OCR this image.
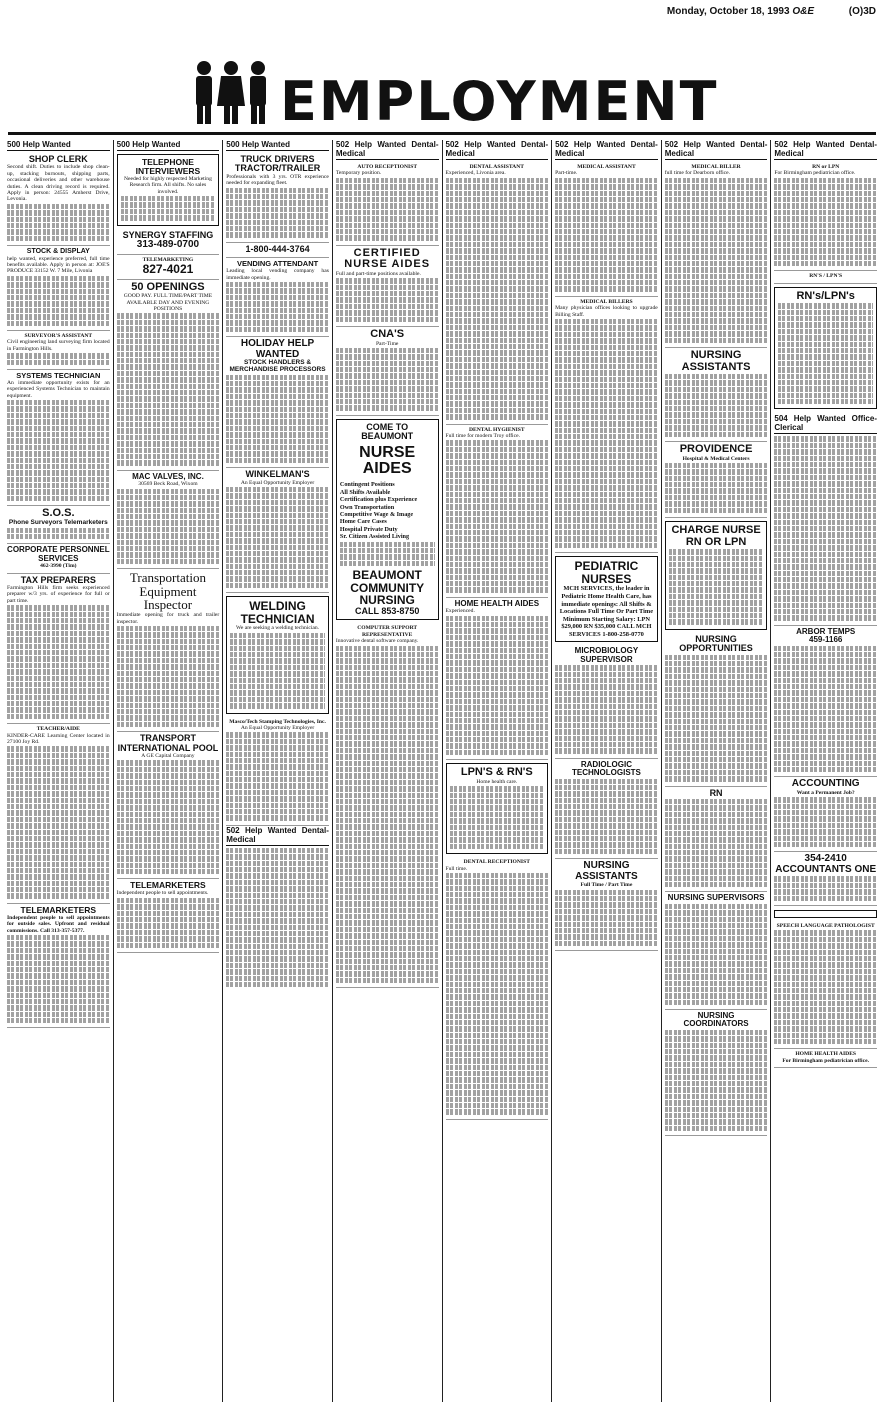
Monday, October 18, 1993 O&E	(O)3D
EMPLOYMENT
500 Help Wanted
SHOP CLERK
Second shift. Duties to include shop clean-up, stacking burnouts, shipping parts, occasional deliveries and other warehouse duties. A clean driving record is required. Apply in person: 24555 Amherst Drive, Levonia.
STOCK & DISPLAY
help wanted, experience preferred, full time benefits available. Apply in person at: JOE'S PRODUCE 33152 W. 7 Mile, Livonia
SURVEYOR'S ASSISTANT
Civil engineering land surveying firm located in Farmington Hills.
SYSTEMS TECHNICIAN
An immediate opportunity exists for an experienced Systems Technician to maintain equipment.
S.O.S.
Phone Surveyors Telemarketers
CORPORATE PERSONNEL SERVICES
462-3990 (Tim)
TAX PREPARERS
Farmington Hills firm seeks experienced preparer w/3 yrs. of experience for full or part time.
TEACHER/AIDE
KINDER-CARE Learning Center located in 27100 Joy Rd.
TELEMARKETERS
Independent people to sell appointments for outside sales. Upfront and residual commissions. Call 313-357-5377.
500 Help Wanted
TELEPHONE INTERVIEWERS
Needed for highly respected Marketing Research firm. All shifts. No sales involved.
SYNERGY STAFFING
313-489-0700
TELEMARKETING
827-4021
50 OPENINGS
GOOD PAY. FULL TIME/PART TIME AVAILABLE DAY AND EVENING POSITIONS
MAC VALVES, INC.
30569 Beck Road, Wixom
Transportation Equipment Inspector
Immediate opening for truck and trailer inspector.
TRANSPORT INTERNATIONAL POOL
A GE Capital Company
TELEMARKETERS
Independent people to sell appointments.
500 Help Wanted
TRUCK DRIVERS TRACTOR/TRAILER
Professionals with 3 yrs. OTR experience needed for expanding fleet.
1-800-444-3764
VENDING ATTENDANT
Leading local vending company has immediate opening.
HOLIDAY HELP WANTED
STOCK HANDLERS & MERCHANDISE PROCESSORS
WINKELMAN'S
An Equal Opportunity Employer
WELDING TECHNICIAN
We are seeking a welding technician.
Masco/Tech Stamping Technologies, Inc.
An Equal Opportunity Employer
502 Help Wanted Dental-Medical
502 Help Wanted Dental-Medical
AUTO RECEPTIONIST
Temporary position.
CERTIFIED NURSE AIDES
Full and part-time positions available.
CNA'S
Part-Time
COME TO BEAUMONT
NURSE AIDES
Contingent Positions
All Shifts Available
Certification plus Experience
Own Transportation
Competitive Wage & Image
Home Care Cases
Hospital Private Duty
Sr. Citizen Assisted Living
BEAUMONT COMMUNITY NURSING
CALL 853-8750
COMPUTER SUPPORT REPRESENTATIVE
Innovative dental software company.
502 Help Wanted Dental-Medical
DENTAL ASSISTANT
Experienced, Livonia area.
DENTAL HYGIENIST
Full time for modern Troy office.
HOME HEALTH AIDES
Experienced.
LPN'S & RN'S
Home health care.
DENTAL RECEPTIONIST
Full time.
502 Help Wanted Dental-Medical
MEDICAL ASSISTANT
Part-time.
MEDICAL BILLERS
Many physician offices looking to upgrade Billing Staff.
PEDIATRIC NURSES
MCH SERVICES, the leader in Pediatric Home Health Care, has immediate openings: All Shifts & Locations Full Time Or Part Time Minimum Starting Salary: LPN $29,000 RN $35,000 CALL MCH SERVICES 1-800-258-0770
MICROBIOLOGY SUPERVISOR
RADIOLOGIC TECHNOLOGISTS
NURSING ASSISTANTS
Full Time / Part Time
502 Help Wanted Dental-Medical
MEDICAL BILLER
full time for Dearborn office.
NURSING ASSISTANTS
PROVIDENCE
Hospital & Medical Centers
CHARGE NURSE RN OR LPN
NURSING OPPORTUNITIES
RN
NURSING SUPERVISORS
NURSING COORDINATORS
502 Help Wanted Dental-Medical
RN or LPN
For Birmingham pediatrician office.
RN'S / LPN'S
RN's/LPN's
504 Help Wanted Office-Clerical
ARBOR TEMPS
459-1166
ACCOUNTING
Want a Permanent Job?
354-2410 ACCOUNTANTS ONE
SPEECH LANGUAGE PATHOLOGIST
HOME HEALTH AIDES
For Birmingham pediatrician office.
